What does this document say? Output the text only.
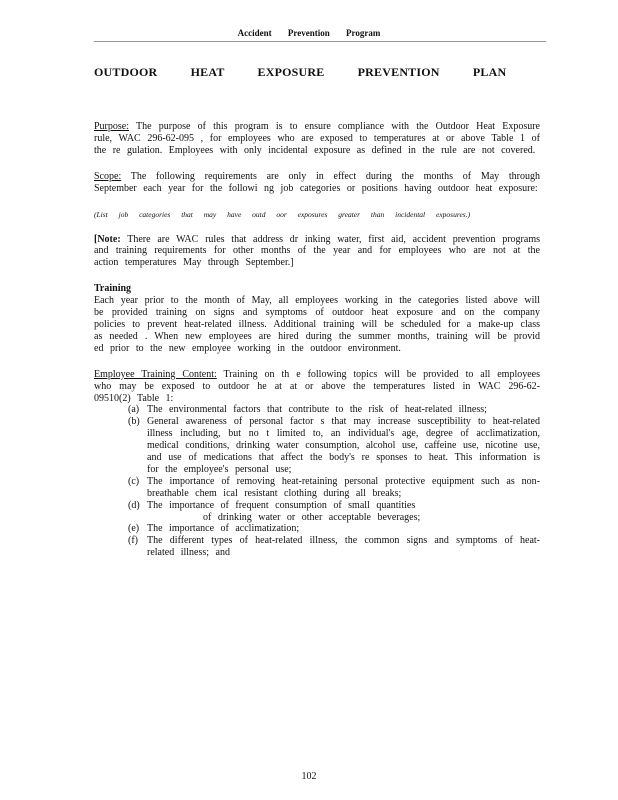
Accident Prevention Program
OUTDOOR HEAT EXPOSURE PREVENTION PLAN

Purpose: The purpose of this program is to ensure compliance with the Outdoor Heat Exposure rule, WAC 296-62-095 , for employees who are exposed to temperatures at or above Table 1 of the re gulation. Employees with only incidental exposure as defined in the rule are not covered.

Scope: The following requirements are only in effect during the months of May through September each year for the followi ng job categories or positions having outdoor heat exposure:

(List job categories that may have outd oor exposures greater than incidental exposures.)

[Note: There are WAC rules that address dr inking water, first aid, accident prevention programs and training requirements for other months of the year and for employees who are not at the action temperatures May through September.]

Training
Each year prior to the month of May, all employees working in the categories listed above will be provided training on signs and symptoms of outdoor heat exposure and on the company policies to prevent heat-related illness. Additional training will be scheduled for a make-up class as needed . When new employees are hired during the summer months, training will be provid ed prior to the new employee working in the outdoor environment.

Employee Training Content: Training on th e following topics will be provided to all employees who may be exposed to outdoor he at at or above the temperatures listed in WAC 296-62-09510(2) Table 1:

(a) The environmental factors that contribute to the risk of heat-related illness;
(b) General awareness of personal factor s that may increase susceptibility to heat-related illness including, but no t limited to, an individual's age, degree of acclimatization, medical conditions, drinking water consumption, alcohol use, caffeine use, nicotine use, and use of medications that affect the body's re sponses to heat. This information is for the employee's personal use;
(c) The importance of removing heat-retaining personal protective equipment such as non-breathable chem ical resistant clothing during all breaks;
(d) The importance of frequent consumption of small quantities
of drinking water or other acceptable beverages;
(e) The importance of acclimatization;
(f) The different types of heat-related illness, the common signs and symptoms of heat-related illness; and
102
